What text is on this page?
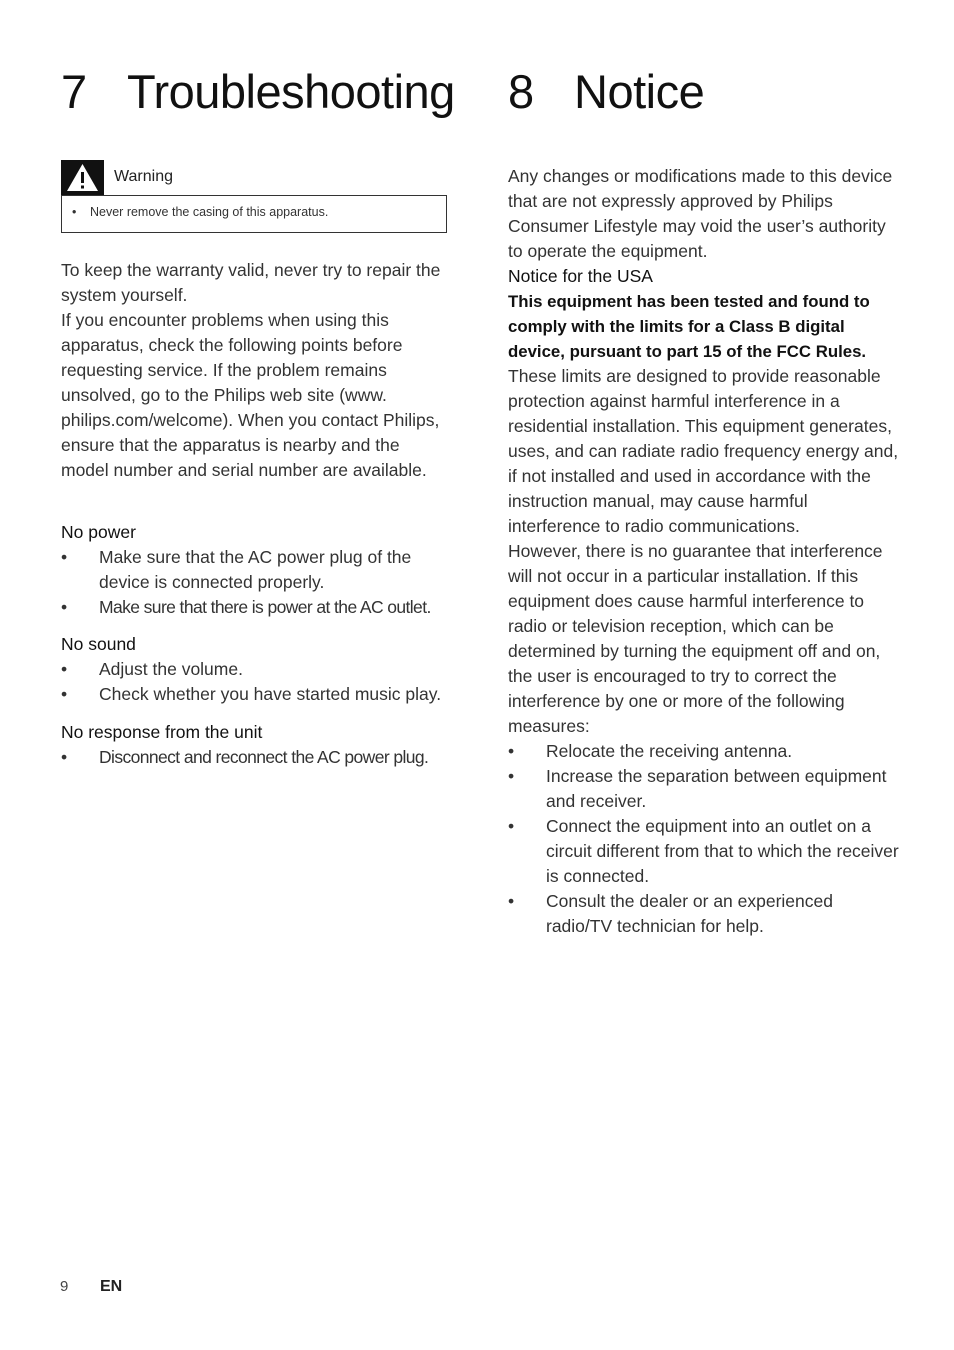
7 Troubleshooting
Warning
• Never remove the casing of this apparatus.

To keep the warranty valid, never try to repair the system yourself.

If you encounter problems when using this apparatus, check the following points before requesting service. If the problem remains unsolved, go to the Philips web site (www. philips.com/welcome). When you contact Philips, ensure that the apparatus is nearby and the model number and serial number are available.

No power

• Make sure that the AC power plug of the device is connected properly.
• Make sure that there is power at the AC outlet.

No sound

• Adjust the volume.
• Check whether you have started music play.

No response from the unit

• Disconnect and reconnect the AC power plug.
8 Notice

Any changes or modifications made to this device that are not expressly approved by Philips Consumer Lifestyle may void the user’s authority to operate the equipment.

Notice for the USA

This equipment has been tested and found to comply with the limits for a Class B digital device, pursuant to part 15 of the FCC Rules.

These limits are designed to provide reasonable protection against harmful interference in a residential installation. This equipment generates, uses, and can radiate radio frequency energy and, if not installed and used in accordance with the instruction manual, may cause harmful interference to radio communications.

However, there is no guarantee that interference will not occur in a particular installation. If this equipment does cause harmful interference to radio or television reception, which can be determined by turning the equipment off and on, the user is encouraged to try to correct the interference by one or more of the following measures:

• Relocate the receiving antenna.
• Increase the separation between equipment and receiver.
• Connect the equipment into an outlet on a circuit different from that to which the receiver is connected.
• Consult the dealer or an experienced radio/TV technician for help.
9 EN
